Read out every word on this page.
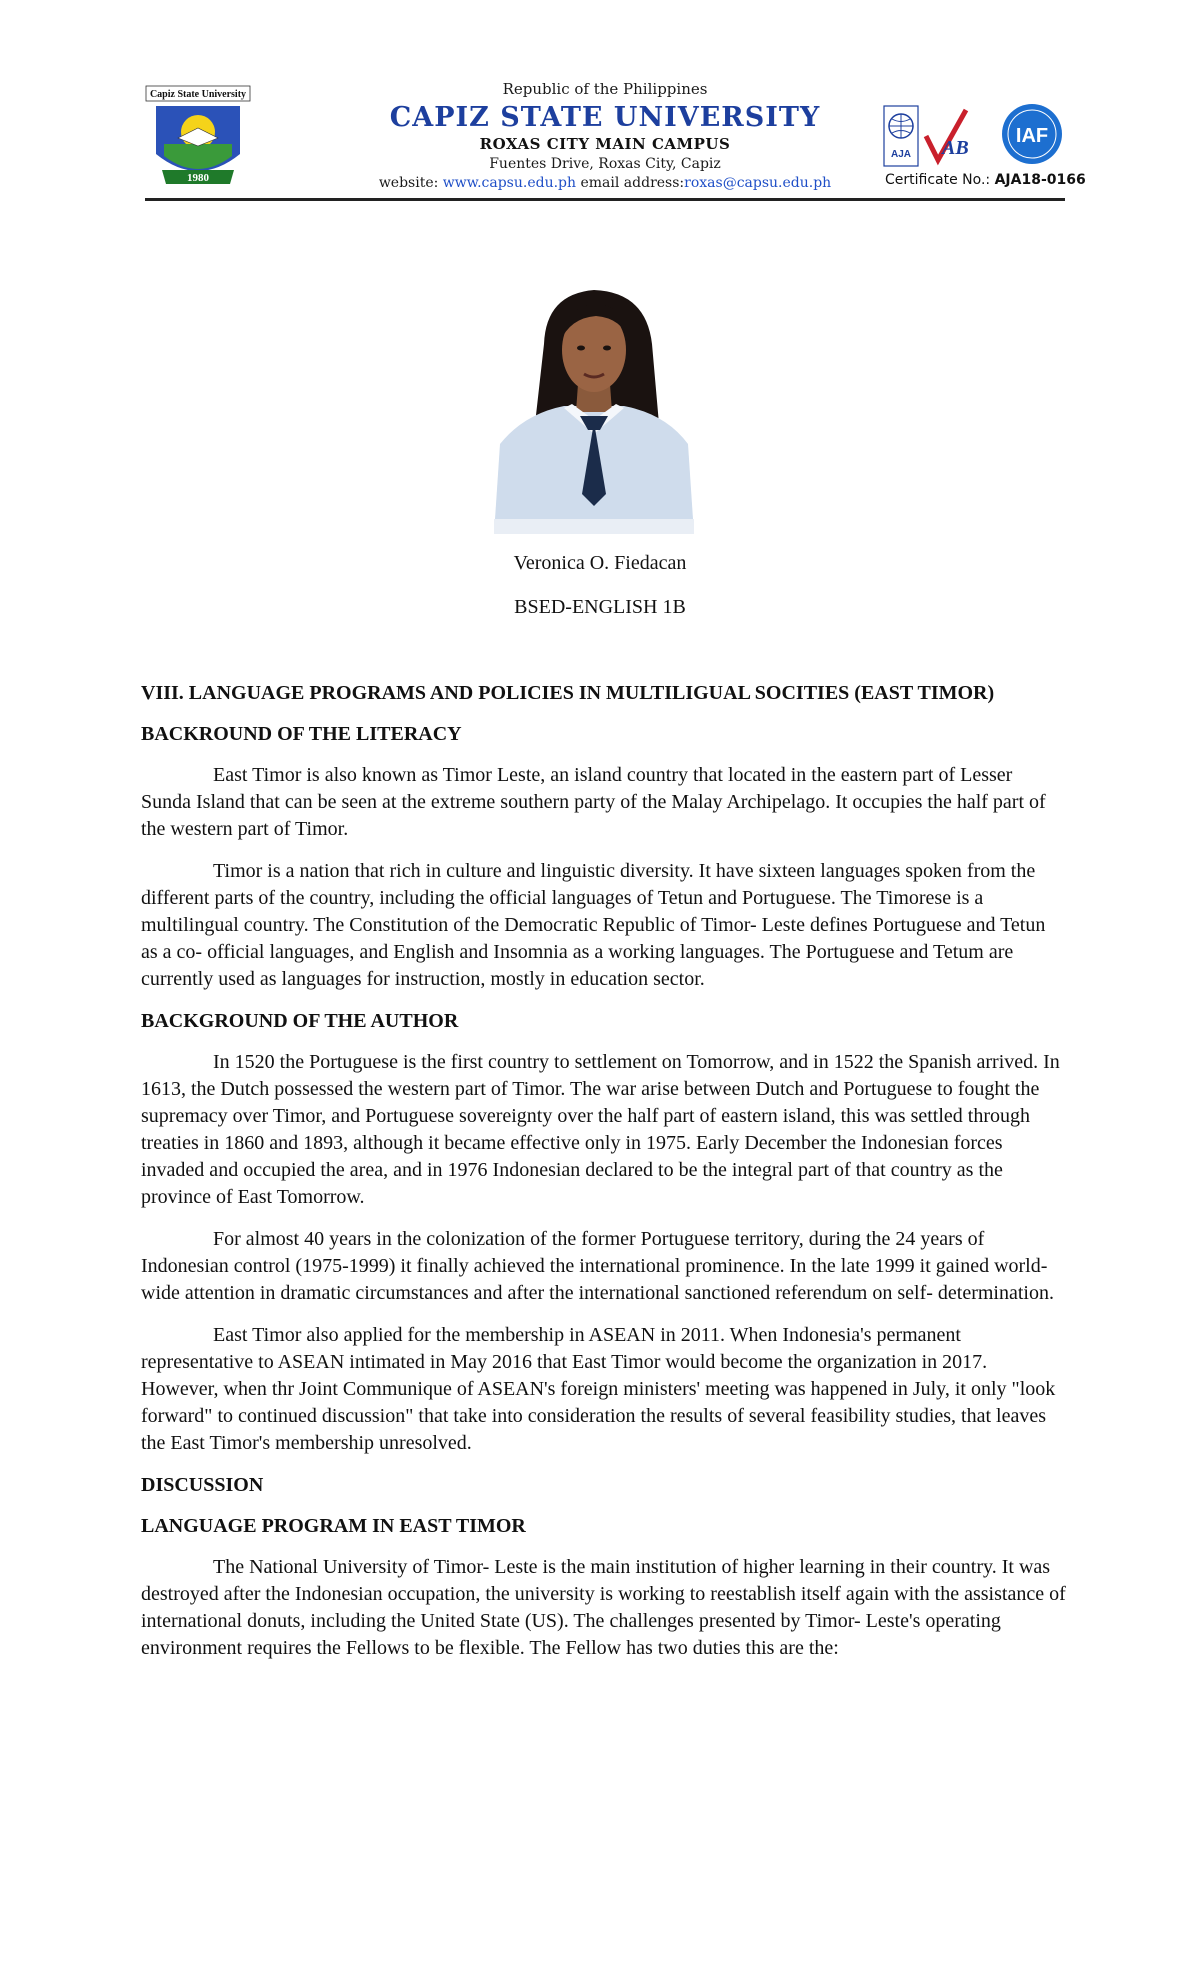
Capiz State University
1980
Republic of the Philippines
CAPIZ STATE UNIVERSITY
ROXAS CITY MAIN CAMPUS
Fuentes Drive, Roxas City, Capiz
website: www.capsu.edu.ph email address:roxas@capsu.edu.ph
AJA AB
IAF
Certificate No.: AJA18-0166
Veronica O. Fiedacan
BSED-ENGLISH 1B
VIII. LANGUAGE PROGRAMS AND POLICIES IN MULTILIGUAL SOCITIES (EAST TIMOR)
BACKROUND OF THE LITERACY

East Timor is also known as Timor Leste, an island country that located in the eastern part of Lesser Sunda Island that can be seen at the extreme southern party of the Malay Archipelago. It occupies the half part of the western part of Timor.

Timor is a nation that rich in culture and linguistic diversity. It have sixteen languages spoken from the different parts of the country, including the official languages of Tetun and Portuguese. The Timorese is a multilingual country. The Constitution of the Democratic Republic of Timor- Leste defines Portuguese and Tetun as a co- official languages, and English and Insomnia as a working languages. The Portuguese and Tetum are currently used as languages for instruction, mostly in education sector.

BACKGROUND OF THE AUTHOR

In 1520 the Portuguese is the first country to settlement on Tomorrow, and in 1522 the Spanish arrived. In 1613, the Dutch possessed the western part of Timor. The war arise between Dutch and Portuguese to fought the supremacy over Timor, and Portuguese sovereignty over the half part of eastern island, this was settled through treaties in 1860 and 1893, although it became effective only in 1975. Early December the Indonesian forces invaded and occupied the area, and in 1976 Indonesian declared to be the integral part of that country as the province of East Tomorrow.

For almost 40 years in the colonization of the former Portuguese territory, during the 24 years of Indonesian control (1975-1999) it finally achieved the international prominence. In the late 1999 it gained world- wide attention in dramatic circumstances and after the international sanctioned referendum on self- determination.

East Timor also applied for the membership in ASEAN in 2011. When Indonesia's permanent representative to ASEAN intimated in May 2016 that East Timor would become the organization in 2017. However, when thr Joint Communique of ASEAN's foreign ministers' meeting was happened in July, it only "look forward" to continued discussion" that take into consideration the results of several feasibility studies, that leaves the East Timor's membership unresolved.

DISCUSSION
LANGUAGE PROGRAM IN EAST TIMOR

The National University of Timor- Leste is the main institution of higher learning in their country. It was destroyed after the Indonesian occupation, the university is working to reestablish itself again with the assistance of international donuts, including the United State (US). The challenges presented by Timor- Leste's operating environment requires the Fellows to be flexible. The Fellow has two duties this are the:
